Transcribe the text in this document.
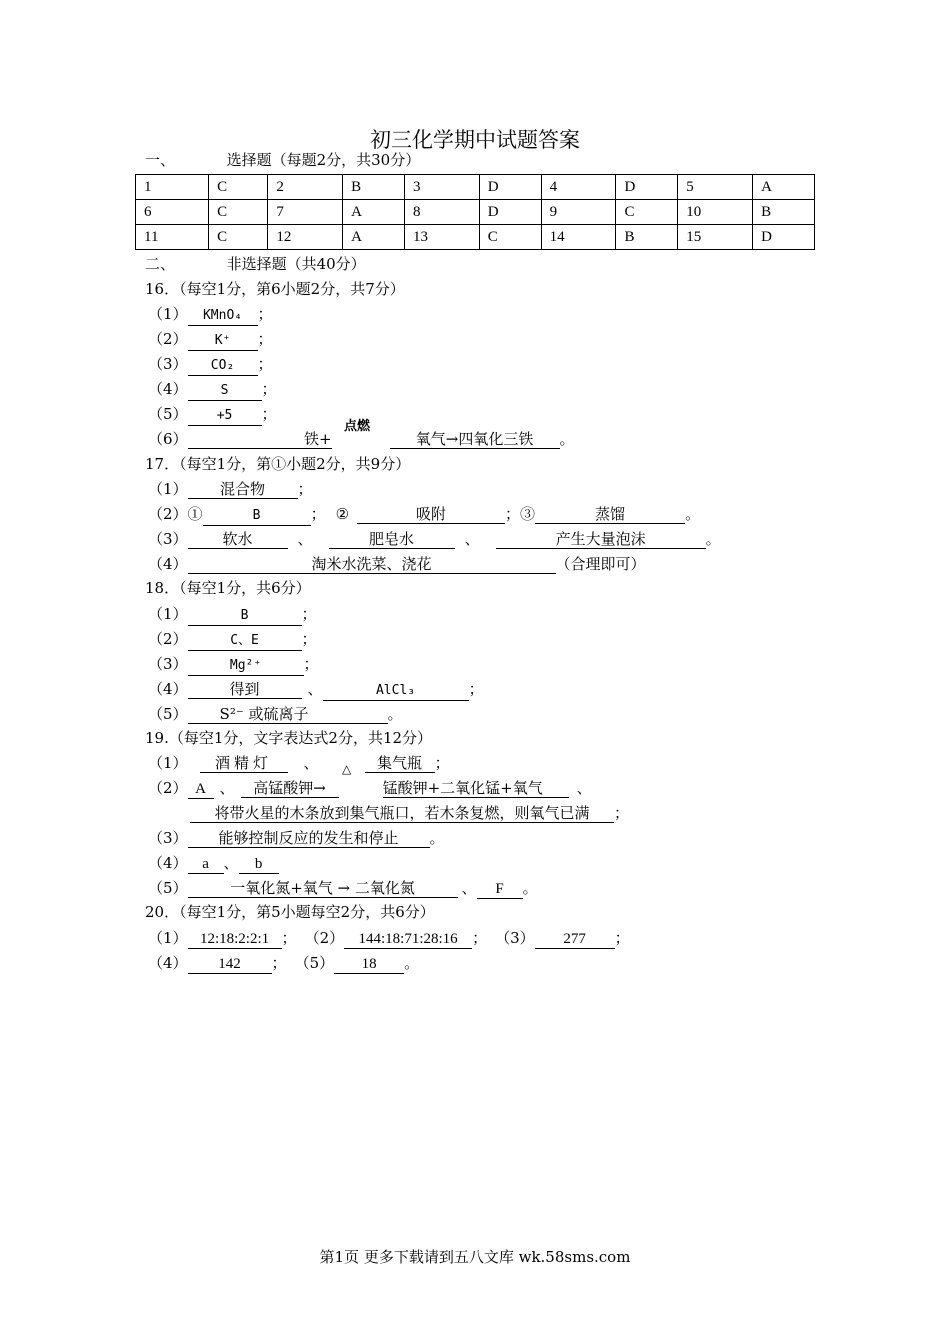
初三化学期中试题答案
一、	选择题（每题2分，共30分）
1	C	2	B	3	D	4	D	5	A
6	C	7	A	8	D	9	C	10	B
11	C	12	A	13	C	14	B	15	D
二、	非选择题（共40分）
16．（每空1分，第6小题2分，共7分）
（1） KMnO₄ ；
（2） K⁺ ；
（3） CO₂ ；
（4）	S ；
（5） +5 ；
点燃
（6）	铁+	氧气→四氧化三铁 。
17．（每空1分，第①小题2分，共9分）
（1） 混合物 ；
（2）①	B	； ②	吸附	；③	蒸馏	。
（3） 软水	、	肥皂水	、	产生大量泡沫	。
（4）	淘米水洗菜、浇花	（合理即可）
18．（每空1分，共6分）
（1）	B	；
（2）	C、E	；
（3）	Mg²⁺	；
（4）	得到	、	AlCl₃	；
（5） S²⁻ 或硫离子	。
19.（每空1分，文字表达式2分，共12分）
△
（1） 酒精灯 、	集气瓶 ；
（2） A 、 高锰酸钾→	锰酸钾+二氧化锰+氧气 、
将带火星的木条放到集气瓶口，若木条复燃，则氧气已满 ；
（3） 能够控制反应的发生和停止 。
（4） a 、 b
（5）	一氧化氮+氧气 → 二氧化氮	、 F 。
20．（每空1分，第5小题每空2分，共6分）
（1） 12:18:2:2:1 ； （2） 144:18:71:28:16 ； （3） 277 ；
（4） 142 ； （5） 18 。
第1页 更多下载请到五八文库 wk.58sms.com
